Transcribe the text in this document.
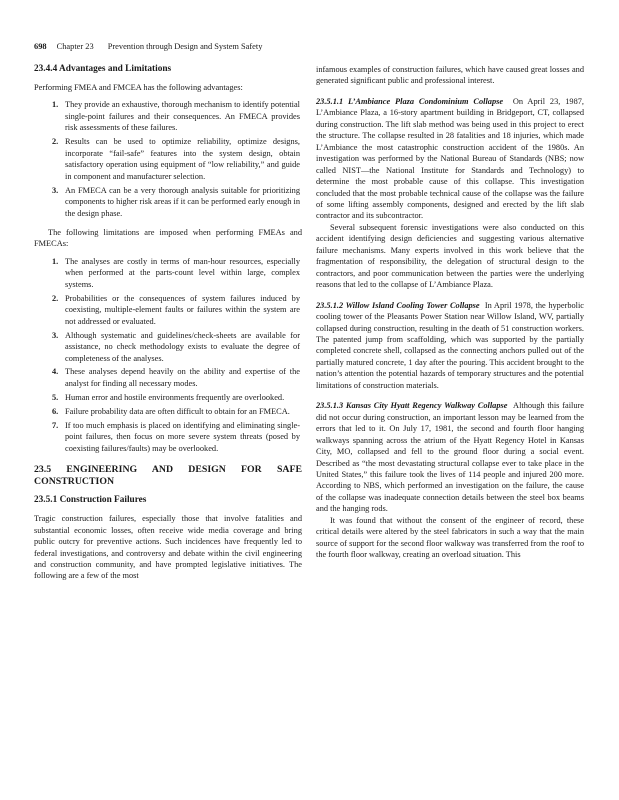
698 Chapter 23 Prevention through Design and System Safety
23.4.4 Advantages and Limitations

Performing FMEA and FMCEA has the following advantages:

1. They provide an exhaustive, thorough mechanism to identify potential single-point failures and their consequences. An FMECA provides risk assessments of these failures.
2. Results can be used to optimize reliability, optimize designs, incorporate “fail-safe” features into the system design, obtain satisfactory operation using equipment of “low reliability,” and guide in component and manufacturer selection.
3. An FMECA can be a very thorough analysis suitable for prioritizing components to higher risk areas if it can be performed early enough in the design phase.

The following limitations are imposed when performing FMEAs and FMECAs:

1. The analyses are costly in terms of man-hour resources, especially when performed at the parts-count level within large, complex systems.
2. Probabilities or the consequences of system failures induced by coexisting, multiple-element faults or failures within the system are not addressed or evaluated.
3. Although systematic and guidelines/check-sheets are available for assistance, no check methodology exists to evaluate the degree of completeness of the analyses.
4. These analyses depend heavily on the ability and expertise of the analyst for finding all necessary modes.
5. Human error and hostile environments frequently are overlooked.
6. Failure probability data are often difficult to obtain for an FMECA.
7. If too much emphasis is placed on identifying and eliminating single-point failures, then focus on more severe system threats (posed by coexisting failures/faults) may be overlooked.
23.5 ENGINEERING AND DESIGN FOR SAFE CONSTRUCTION
23.5.1 Construction Failures

Tragic construction failures, especially those that involve fatalities and substantial economic losses, often receive wide media coverage and bring public outcry for preventive actions. Such incidences have frequently led to federal investigations, and controversy and debate within the civil engineering and construction community, and have prompted legislative initiatives. The following are a few of the most

infamous examples of construction failures, which have caused great losses and generated significant public and professional interest.

23.5.1.1 L’Ambiance Plaza Condominium Collapse On April 23, 1987, L’Ambiance Plaza, a 16-story apartment building in Bridgeport, CT, collapsed during construction. The lift slab method was being used in this project to erect the structure. The collapse resulted in 28 fatalities and 18 injuries, which made L’Ambiance the most catastrophic construction accident of the 1980s. An investigation was performed by the National Bureau of Standards (NBS; now called NIST—the National Institute for Standards and Technology) to determine the most probable cause of this collapse. This investigation concluded that the most probable technical cause of the collapse was the failure of some lifting assembly components, designed and erected by the lift slab contractor and its subcontractor.

Several subsequent forensic investigations were also conducted on this accident identifying design deficiencies and suggesting various alternative failure mechanisms. Many experts involved in this work believe that the fragmentation of responsibility, the delegation of structural design to the contractors, and poor communication between the parties were the underlying reasons that led to the collapse of L’Ambiance Plaza.

23.5.1.2 Willow Island Cooling Tower Collapse In April 1978, the hyperbolic cooling tower of the Pleasants Power Station near Willow Island, WV, partially collapsed during construction, resulting in the death of 51 construction workers. The patented jump from scaffolding, which was supported by the partially completed concrete shell, collapsed as the connecting anchors pulled out of the partially matured concrete, 1 day after the pouring. This accident brought to the nation’s attention the potential hazards of temporary structures and the potential limitations of construction materials.

23.5.1.3 Kansas City Hyatt Regency Walkway Collapse Although this failure did not occur during construction, an important lesson may be learned from the errors that led to it. On July 17, 1981, the second and fourth floor hanging walkways spanning across the atrium of the Hyatt Regency Hotel in Kansas City, MO, collapsed and fell to the ground floor during a social event. Described as “the most devastating structural collapse ever to take place in the United States,” this failure took the lives of 114 people and injured 200 more. According to NBS, which performed an investigation on the failure, the cause of the collapse was inadequate connection details between the steel box beams and the hanging rods.

It was found that without the consent of the engineer of record, these critical details were altered by the steel fabricators in such a way that the main source of support for the second floor walkway was transferred from the roof to the fourth floor walkway, creating an overload situation. This
